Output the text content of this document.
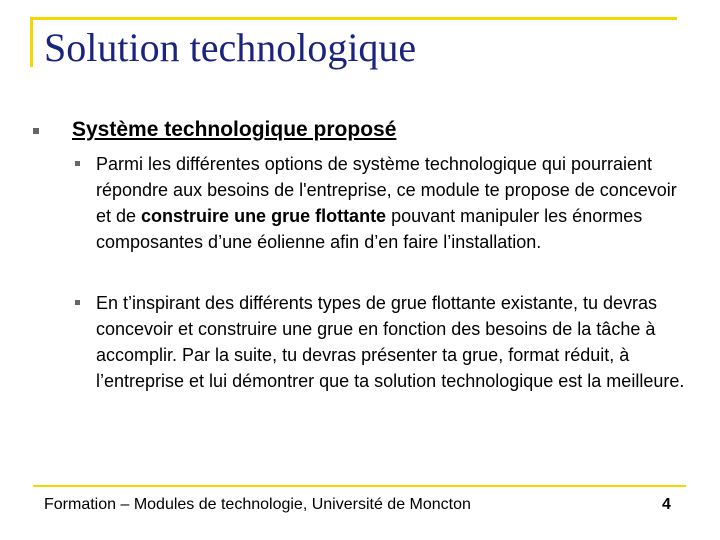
Solution technologique
Système technologique proposé
Parmi les différentes options de système technologique qui pourraient répondre aux besoins de l'entreprise, ce module te propose de concevoir et de construire une grue flottante pouvant manipuler les énormes composantes d’une éolienne afin d’en faire l’installation.
En t’inspirant des différents types de grue flottante existante, tu devras concevoir et construire une grue en fonction des besoins de la tâche à accomplir. Par la suite, tu devras présenter ta grue, format réduit, à l’entreprise et lui démontrer que ta solution technologique est la meilleure.
Formation – Modules de technologie, Université de Moncton	4
